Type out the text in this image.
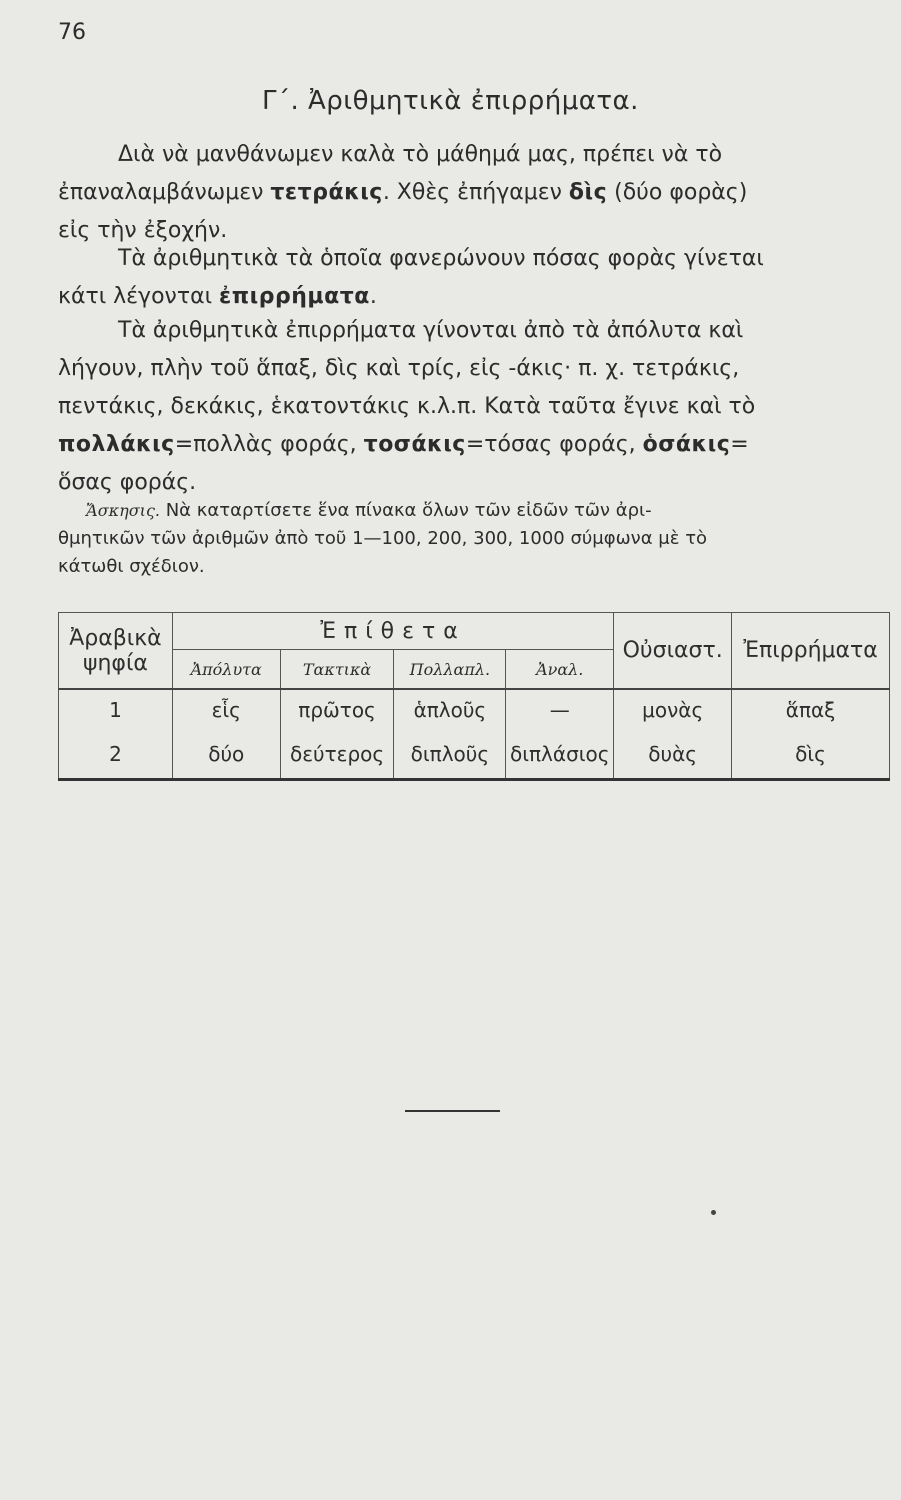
76
Γ΄. Ἀριθμητικὰ ἐπιρρήματα.
Διὰ νὰ μανθάνωμεν καλὰ τὸ μάθημά μας, πρέπει νὰ τὸ
ἐπαναλαμβάνωμεν τετράκις. Χθὲς ἐπήγαμεν δὶς (δύο φορὰς)
εἰς τὴν ἐξοχήν.
Τὰ ἀριθμητικὰ τὰ ὁποῖα φανερώνουν πόσας φορὰς γίνεται
κάτι λέγονται ἐπιρρήματα.
Τὰ ἀριθμητικὰ ἐπιρρήματα γίνονται ἀπὸ τὰ ἀπόλυτα καὶ
λήγουν, πλὴν τοῦ ἅπαξ, δὶς καὶ τρίς, εἰς -άκις· π. χ. τετράκις,
πεντάκις, δεκάκις, ἑκατοντάκις κ.λ.π. Κατὰ ταῦτα ἔγινε καὶ τὸ
πολλάκις=πολλὰς φοράς, τοσάκις=τόσας φοράς, ὁσάκις=
ὅσας φοράς.
Ἄσκησις. Νὰ καταρτίσετε ἕνα πίνακα ὅλων τῶν εἰδῶν τῶν ἀρι-
θμητικῶν τῶν ἀριθμῶν ἀπὸ τοῦ 1—100, 200, 300, 1000 σύμφωνα μὲ τὸ
κάτωθι σχέδιον.
Ἀραβικὰ ψηφία	Ἐπίθετα				Οὐσιαστ.	Ἐπιρρήματα
	Ἀπόλυτα	Τακτικὰ	Πολλαπλ.	Ἀναλ.		
1	εἷς	πρῶτος	ἁπλοῦς	—	μονὰς	ἅπαξ
2	δύο	δεύτερος	διπλοῦς	διπλάσιος	δυὰς	δὶς
